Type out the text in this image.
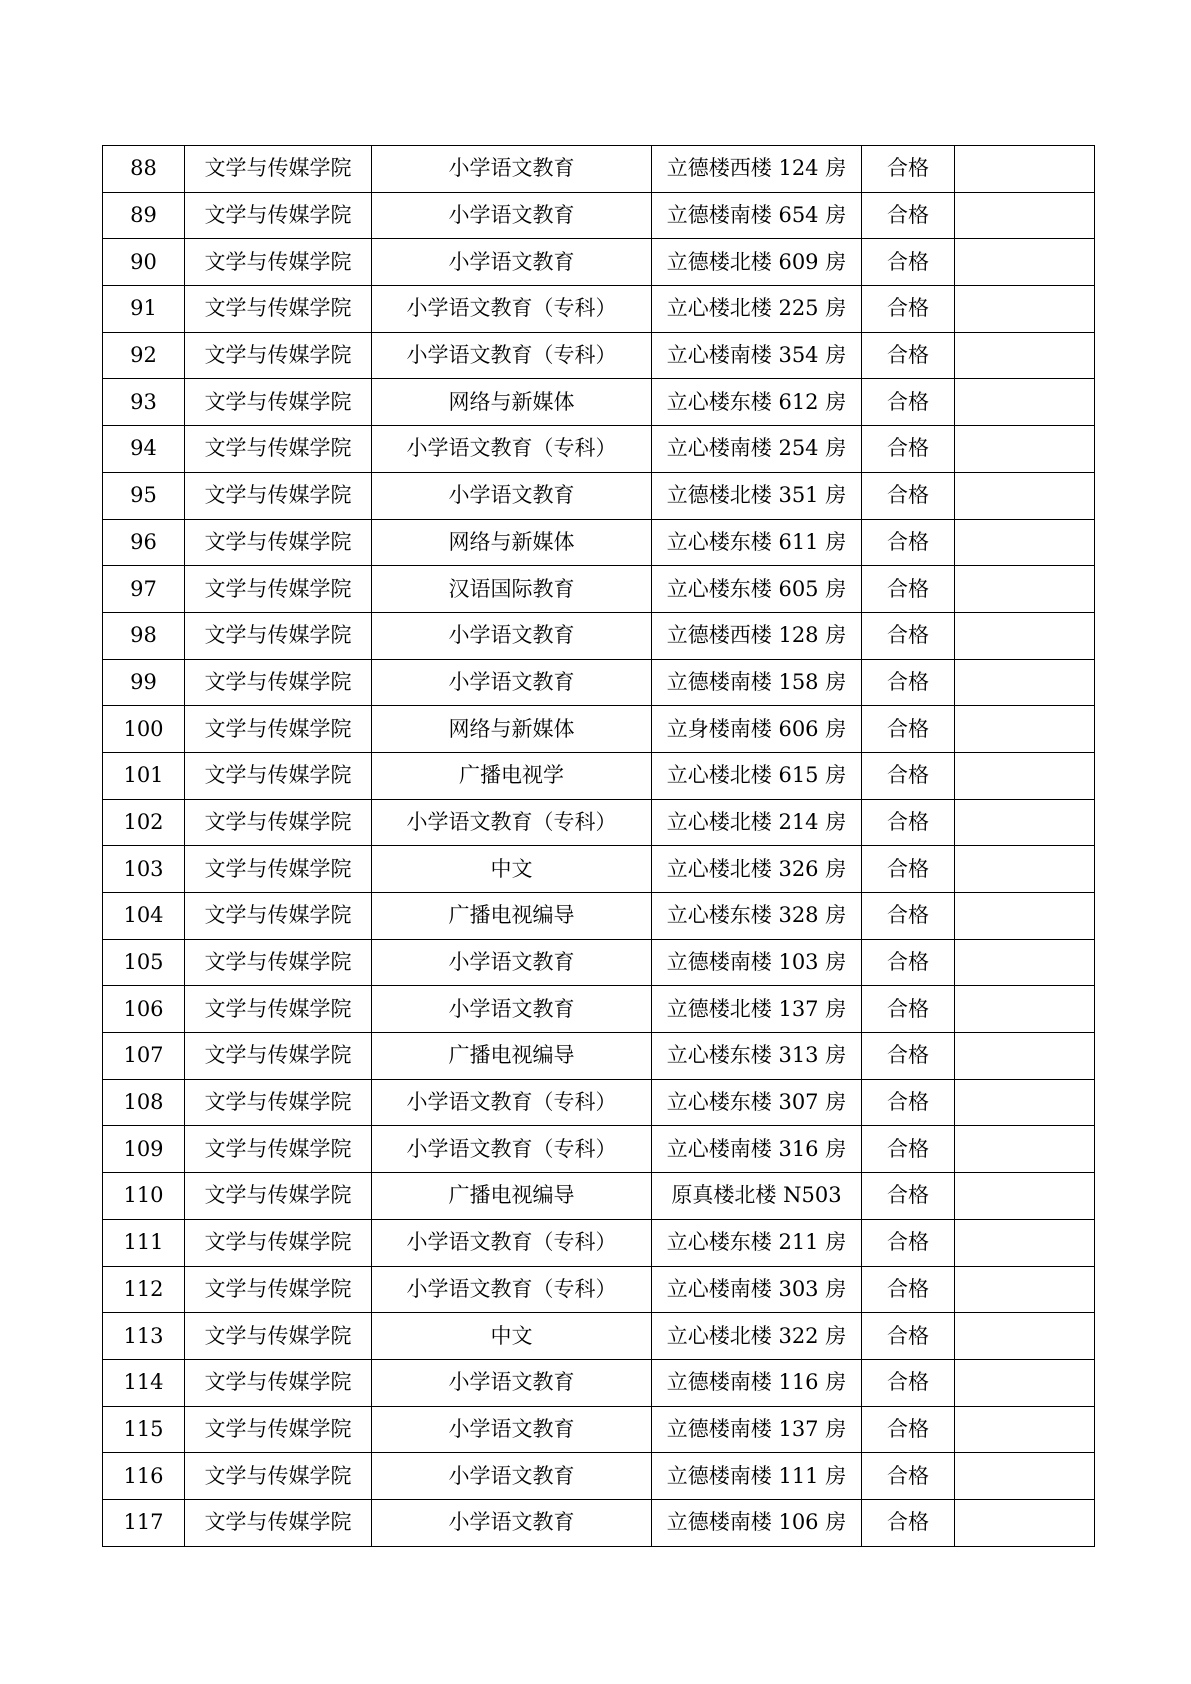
88	文学与传媒学院	小学语文教育	立德楼西楼 124 房	合格	
89	文学与传媒学院	小学语文教育	立德楼南楼 654 房	合格	
90	文学与传媒学院	小学语文教育	立德楼北楼 609 房	合格	
91	文学与传媒学院	小学语文教育（专科）	立心楼北楼 225 房	合格	
92	文学与传媒学院	小学语文教育（专科）	立心楼南楼 354 房	合格	
93	文学与传媒学院	网络与新媒体	立心楼东楼 612 房	合格	
94	文学与传媒学院	小学语文教育（专科）	立心楼南楼 254 房	合格	
95	文学与传媒学院	小学语文教育	立德楼北楼 351 房	合格	
96	文学与传媒学院	网络与新媒体	立心楼东楼 611 房	合格	
97	文学与传媒学院	汉语国际教育	立心楼东楼 605 房	合格	
98	文学与传媒学院	小学语文教育	立德楼西楼 128 房	合格	
99	文学与传媒学院	小学语文教育	立德楼南楼 158 房	合格	
100	文学与传媒学院	网络与新媒体	立身楼南楼 606 房	合格	
101	文学与传媒学院	广播电视学	立心楼北楼 615 房	合格	
102	文学与传媒学院	小学语文教育（专科）	立心楼北楼 214 房	合格	
103	文学与传媒学院	中文	立心楼北楼 326 房	合格	
104	文学与传媒学院	广播电视编导	立心楼东楼 328 房	合格	
105	文学与传媒学院	小学语文教育	立德楼南楼 103 房	合格	
106	文学与传媒学院	小学语文教育	立德楼北楼 137 房	合格	
107	文学与传媒学院	广播电视编导	立心楼东楼 313 房	合格	
108	文学与传媒学院	小学语文教育（专科）	立心楼东楼 307 房	合格	
109	文学与传媒学院	小学语文教育（专科）	立心楼南楼 316 房	合格	
110	文学与传媒学院	广播电视编导	原真楼北楼 N503	合格	
111	文学与传媒学院	小学语文教育（专科）	立心楼东楼 211 房	合格	
112	文学与传媒学院	小学语文教育（专科）	立心楼南楼 303 房	合格	
113	文学与传媒学院	中文	立心楼北楼 322 房	合格	
114	文学与传媒学院	小学语文教育	立德楼南楼 116 房	合格	
115	文学与传媒学院	小学语文教育	立德楼南楼 137 房	合格	
116	文学与传媒学院	小学语文教育	立德楼南楼 111 房	合格	
117	文学与传媒学院	小学语文教育	立德楼南楼 106 房	合格	
